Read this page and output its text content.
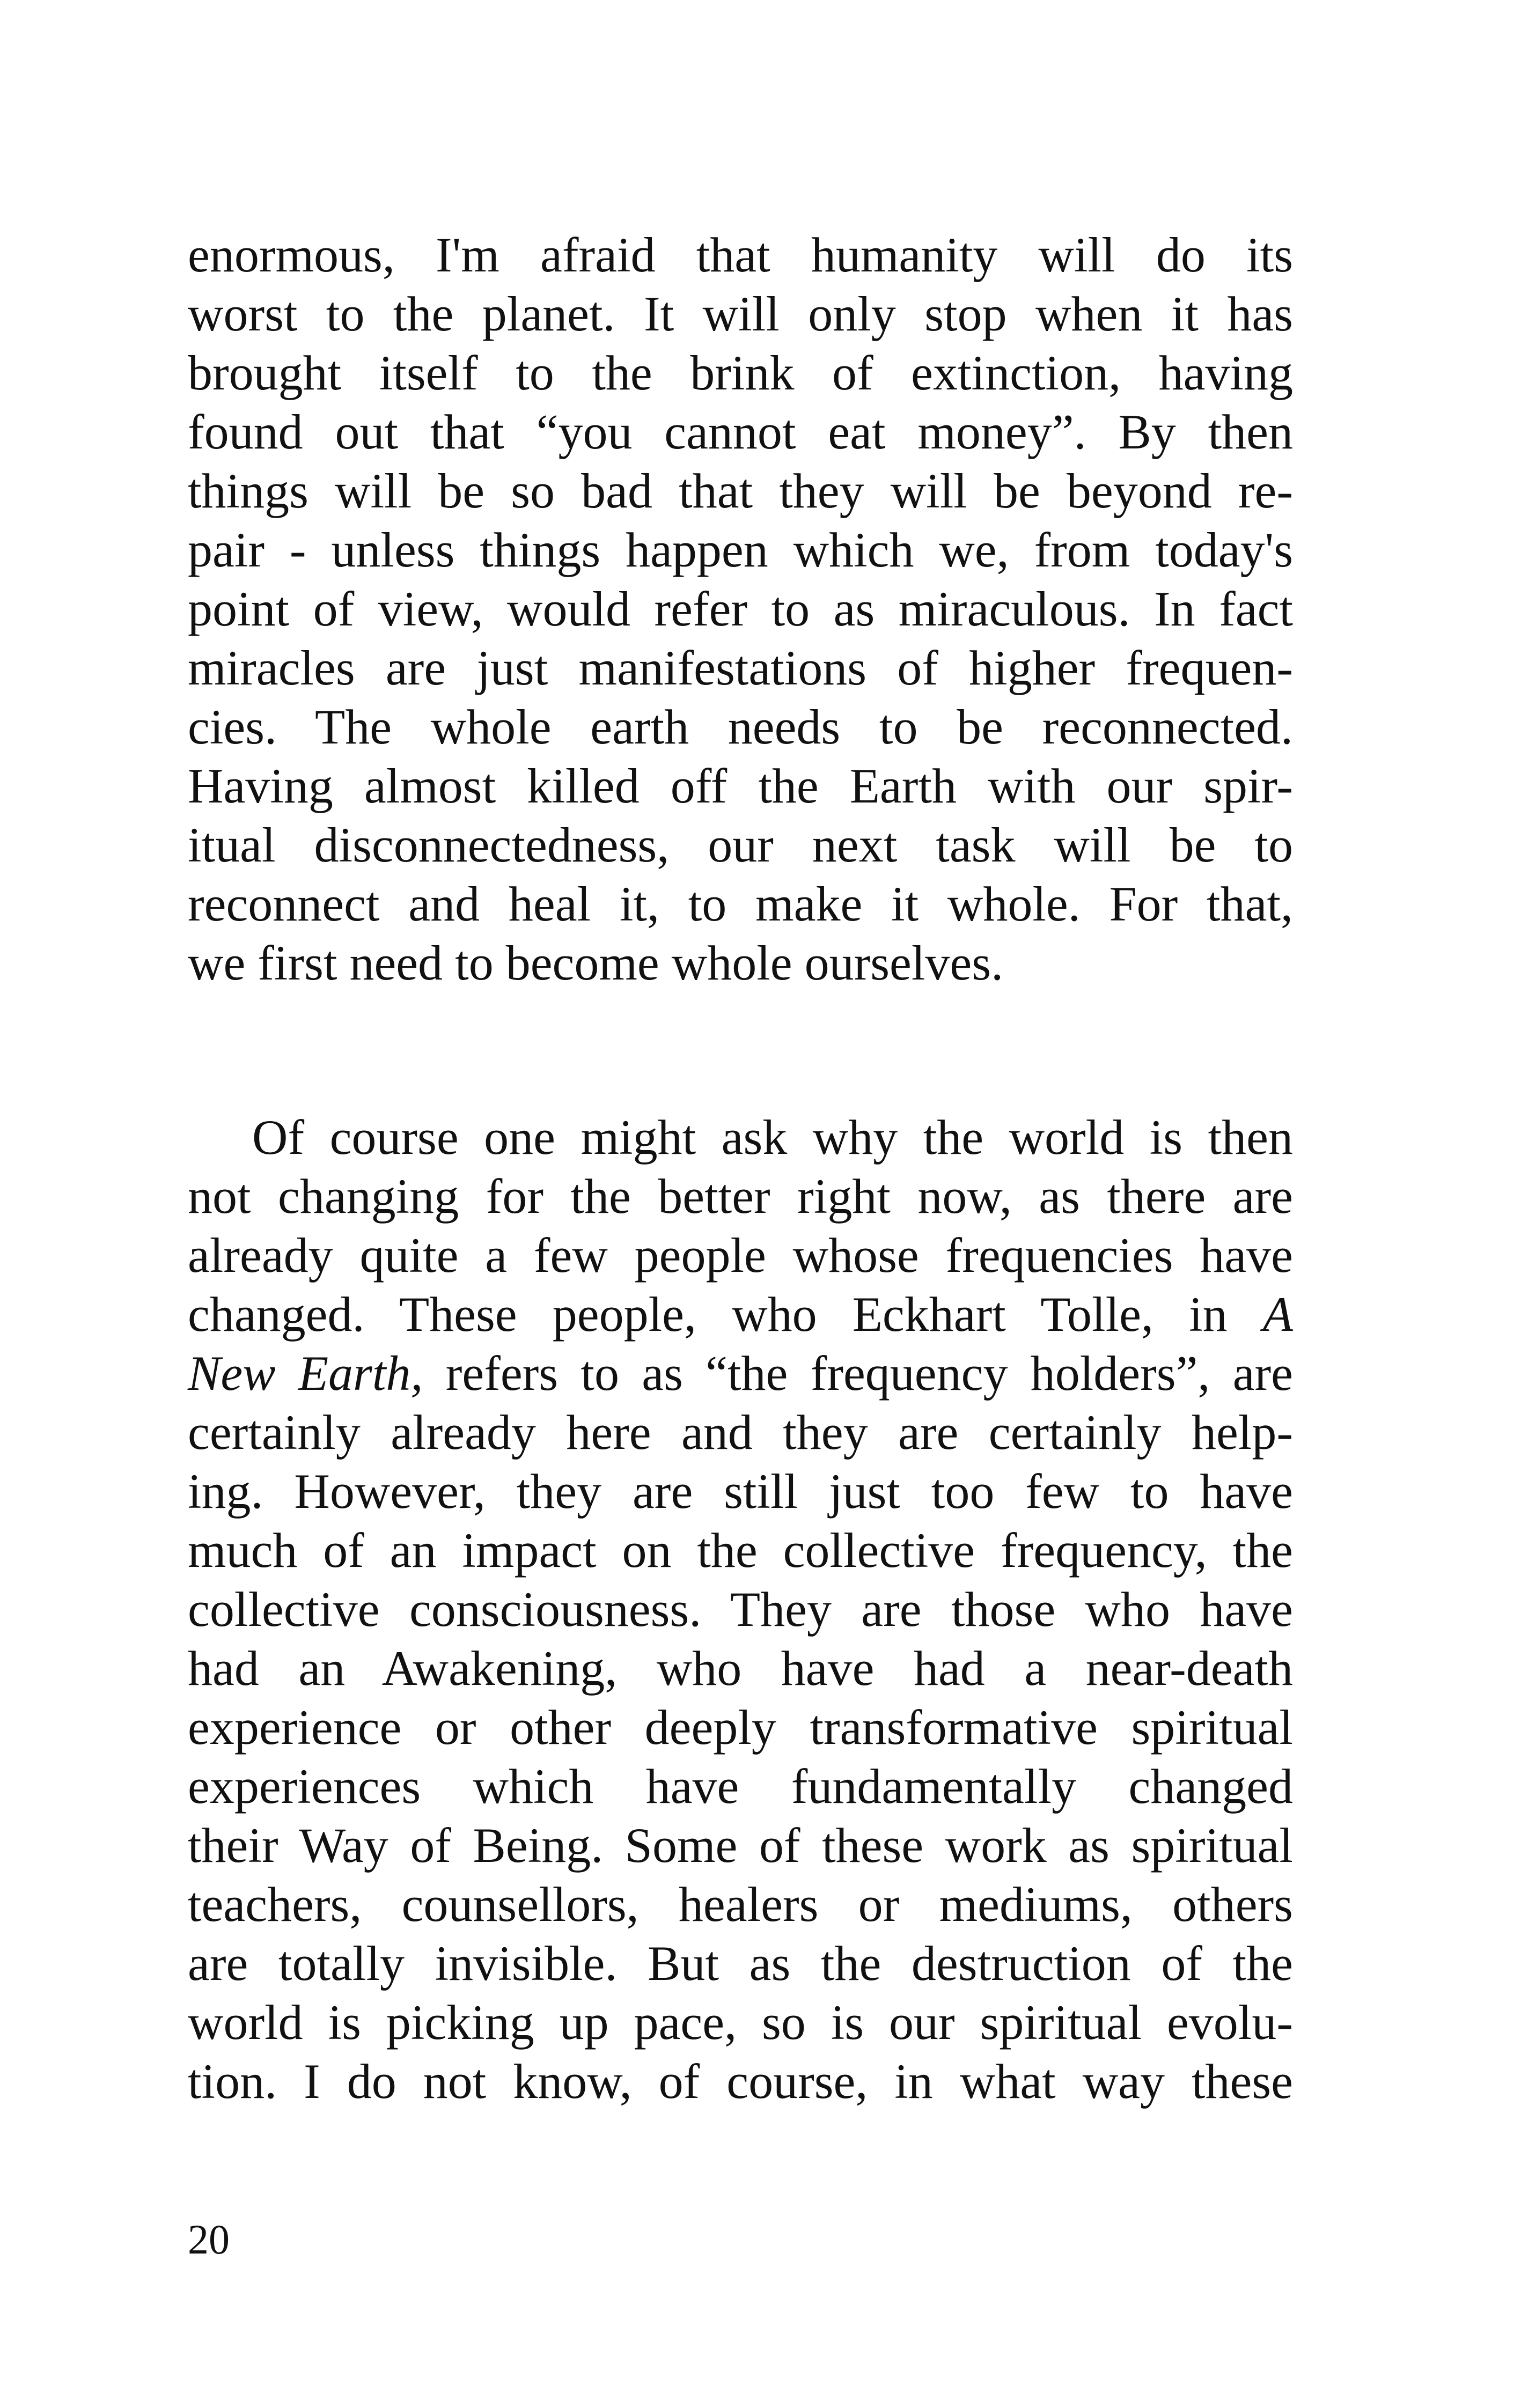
enormous, I'm afraid that humanity will do its
worst to the planet. It will only stop when it has
brought itself to the brink of extinction, having
found out that “you cannot eat money”. By then
things will be so bad that they will be beyond re-
pair - unless things happen which we, from today's
point of view, would refer to as miraculous. In fact
miracles are just manifestations of higher frequen-
cies. The whole earth needs to be reconnected.
Having almost killed off the Earth with our spir-
itual disconnectedness, our next task will be to
reconnect and heal it, to make it whole. For that,
we first need to become whole ourselves.
Of course one might ask why the world is then
not changing for the better right now, as there are
already quite a few people whose frequencies have
changed. These people, who Eckhart Tolle, in A
New Earth, refers to as “the frequency holders”, are
certainly already here and they are certainly help-
ing. However, they are still just too few to have
much of an impact on the collective frequency, the
collective consciousness. They are those who have
had an Awakening, who have had a near-death
experience or other deeply transformative spiritual
experiences which have fundamentally changed
their Way of Being. Some of these work as spiritual
teachers, counsellors, healers or mediums, others
are totally invisible. But as the destruction of the
world is picking up pace, so is our spiritual evolu-
tion. I do not know, of course, in what way these
20
